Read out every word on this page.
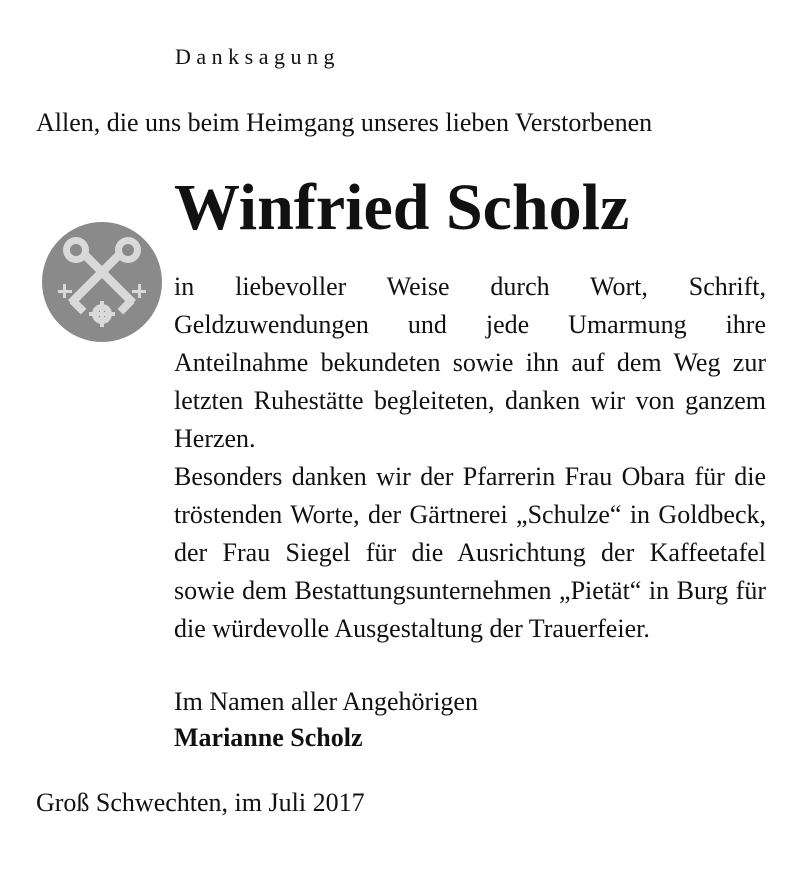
Danksagung
Allen, die uns beim Heimgang unseres lieben Verstorbenen
Winfried Scholz

in liebevoller Weise durch Wort, Schrift, Geldzuwendungen und jede Umarmung ihre Anteilnahme bekundeten sowie ihn auf dem Weg zur letzten Ruhestätte begleiteten, danken wir von ganzem Herzen.

Besonders danken wir der Pfarrerin Frau Obara für die tröstenden Worte, der Gärtnerei „Schulze“ in Goldbeck, der Frau Siegel für die Ausrichtung der Kaffeetafel sowie dem Bestattungsunternehmen „Pietät“ in Burg für die würdevolle Ausgestaltung der Trauerfeier.

Im Namen aller Angehörigen
Marianne Scholz
Groß Schwechten, im Juli 2017
